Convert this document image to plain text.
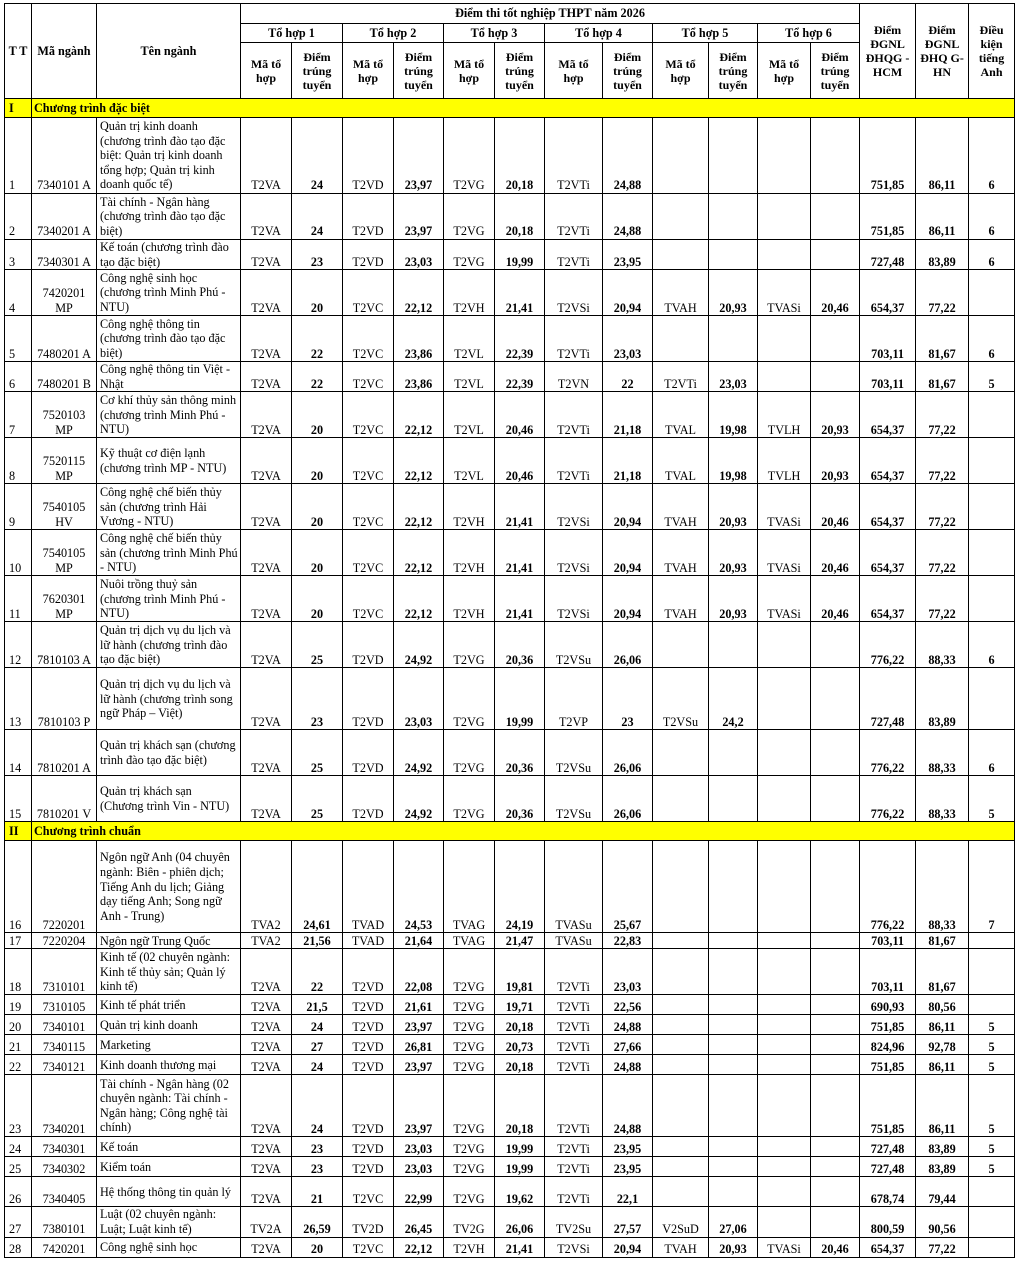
T T	Mã ngành	Tên ngành	Điểm thi tốt nghiệp THPT năm 2026												Điểm ĐGNL ĐHQG -HCM	Điểm ĐGNL ĐHQ G-HN	Điều kiện tiếng Anh
			Tổ hợp 1		Tổ hợp 2		Tổ hợp 3		Tổ hợp 4		Tổ hợp 5		Tổ hợp 6				
			Mã tổ hợp	Điểm trúng tuyển	Mã tổ hợp	Điểm trúng tuyển	Mã tổ hợp	Điểm trúng tuyển	Mã tổ hợp	Điểm trúng tuyển	Mã tổ hợp	Điểm trúng tuyển	Mã tổ hợp	Điểm trúng tuyển			
I	Chương trình đặc biệt																
1	7340101 A	Quản trị kinh doanh (chương trình đào tạo đặc biệt: Quản trị kinh doanh tổng hợp; Quản trị kinh doanh quốc tế)	T2VA	24	T2VD	23,97	T2VG	20,18	T2VTi	24,88					751,85	86,11	6
2	7340201 A	Tài chính - Ngân hàng (chương trình đào tạo đặc biệt)	T2VA	24	T2VD	23,97	T2VG	20,18	T2VTi	24,88					751,85	86,11	6
3	7340301 A	Kế toán (chương trình đào tạo đặc biệt)	T2VA	23	T2VD	23,03	T2VG	19,99	T2VTi	23,95					727,48	83,89	6
4	7420201 MP	Công nghệ sinh học (chương trình Minh Phú - NTU)	T2VA	20	T2VC	22,12	T2VH	21,41	T2VSi	20,94	TVAH	20,93	TVASi	20,46	654,37	77,22	
5	7480201 A	Công nghệ thông tin (chương trình đào tạo đặc biệt)	T2VA	22	T2VC	23,86	T2VL	22,39	T2VTi	23,03					703,11	81,67	6
6	7480201 B	Công nghệ thông tin Việt - Nhật	T2VA	22	T2VC	23,86	T2VL	22,39	T2VN	22	T2VTi	23,03			703,11	81,67	5
7	7520103 MP	Cơ khí thủy sản thông minh (chương trình Minh Phú - NTU)	T2VA	20	T2VC	22,12	T2VL	20,46	T2VTi	21,18	TVAL	19,98	TVLH	20,93	654,37	77,22	
8	7520115 MP	Kỹ thuật cơ điện lạnh (chương trình MP - NTU)	T2VA	20	T2VC	22,12	T2VL	20,46	T2VTi	21,18	TVAL	19,98	TVLH	20,93	654,37	77,22	
9	7540105 HV	Công nghệ chế biến thủy sản (chương trình Hải Vương - NTU)	T2VA	20	T2VC	22,12	T2VH	21,41	T2VSi	20,94	TVAH	20,93	TVASi	20,46	654,37	77,22	
10	7540105 MP	Công nghệ chế biến thủy sản (chương trình Minh Phú - NTU)	T2VA	20	T2VC	22,12	T2VH	21,41	T2VSi	20,94	TVAH	20,93	TVASi	20,46	654,37	77,22	
11	7620301 MP	Nuôi trồng thuỷ sản (chương trình Minh Phú - NTU)	T2VA	20	T2VC	22,12	T2VH	21,41	T2VSi	20,94	TVAH	20,93	TVASi	20,46	654,37	77,22	
12	7810103 A	Quản trị dịch vụ du lịch và lữ hành (chương trình đào tạo đặc biệt)	T2VA	25	T2VD	24,92	T2VG	20,36	T2VSu	26,06					776,22	88,33	6
13	7810103 P	Quản trị dịch vụ du lịch và lữ hành (chương trình song ngữ Pháp – Việt)	T2VA	23	T2VD	23,03	T2VG	19,99	T2VP	23	T2VSu	24,2			727,48	83,89	
14	7810201 A	Quản trị khách sạn (chương trình đào tạo đặc biệt)	T2VA	25	T2VD	24,92	T2VG	20,36	T2VSu	26,06					776,22	88,33	6
15	7810201 V	Quản trị khách sạn (Chương trình Vin - NTU)	T2VA	25	T2VD	24,92	T2VG	20,36	T2VSu	26,06					776,22	88,33	5
II	Chương trình chuẩn																
16	7220201	Ngôn ngữ Anh (04 chuyên ngành: Biên - phiên dịch; Tiếng Anh du lịch; Giảng dạy tiếng Anh; Song ngữ Anh - Trung)	TVA2	24,61	TVAD	24,53	TVAG	24,19	TVASu	25,67					776,22	88,33	7
17	7220204	Ngôn ngữ Trung Quốc	TVA2	21,56	TVAD	21,64	TVAG	21,47	TVASu	22,83					703,11	81,67	
18	7310101	Kinh tế (02 chuyên ngành: Kinh tế thủy sản; Quản lý kinh tế)	T2VA	22	T2VD	22,08	T2VG	19,81	T2VTi	23,03					703,11	81,67	
19	7310105	Kinh tế phát triển	T2VA	21,5	T2VD	21,61	T2VG	19,71	T2VTi	22,56					690,93	80,56	
20	7340101	Quản trị kinh doanh	T2VA	24	T2VD	23,97	T2VG	20,18	T2VTi	24,88					751,85	86,11	5
21	7340115	Marketing	T2VA	27	T2VD	26,81	T2VG	20,73	T2VTi	27,66					824,96	92,78	5
22	7340121	Kinh doanh thương mại	T2VA	24	T2VD	23,97	T2VG	20,18	T2VTi	24,88					751,85	86,11	5
23	7340201	Tài chính - Ngân hàng (02 chuyên ngành: Tài chính - Ngân hàng; Công nghệ tài chính)	T2VA	24	T2VD	23,97	T2VG	20,18	T2VTi	24,88					751,85	86,11	5
24	7340301	Kế toán	T2VA	23	T2VD	23,03	T2VG	19,99	T2VTi	23,95					727,48	83,89	5
25	7340302	Kiểm toán	T2VA	23	T2VD	23,03	T2VG	19,99	T2VTi	23,95					727,48	83,89	5
26	7340405	Hệ thống thông tin quản lý	T2VA	21	T2VC	22,99	T2VG	19,62	T2VTi	22,1					678,74	79,44	
27	7380101	Luật (02 chuyên ngành: Luật; Luật kinh tế)	TV2A	26,59	TV2D	26,45	TV2G	26,06	TV2Su	27,57	V2SuD	27,06			800,59	90,56	
28	7420201	Công nghệ sinh học	T2VA	20	T2VC	22,12	T2VH	21,41	T2VSi	20,94	TVAH	20,93	TVASi	20,46	654,37	77,22	
